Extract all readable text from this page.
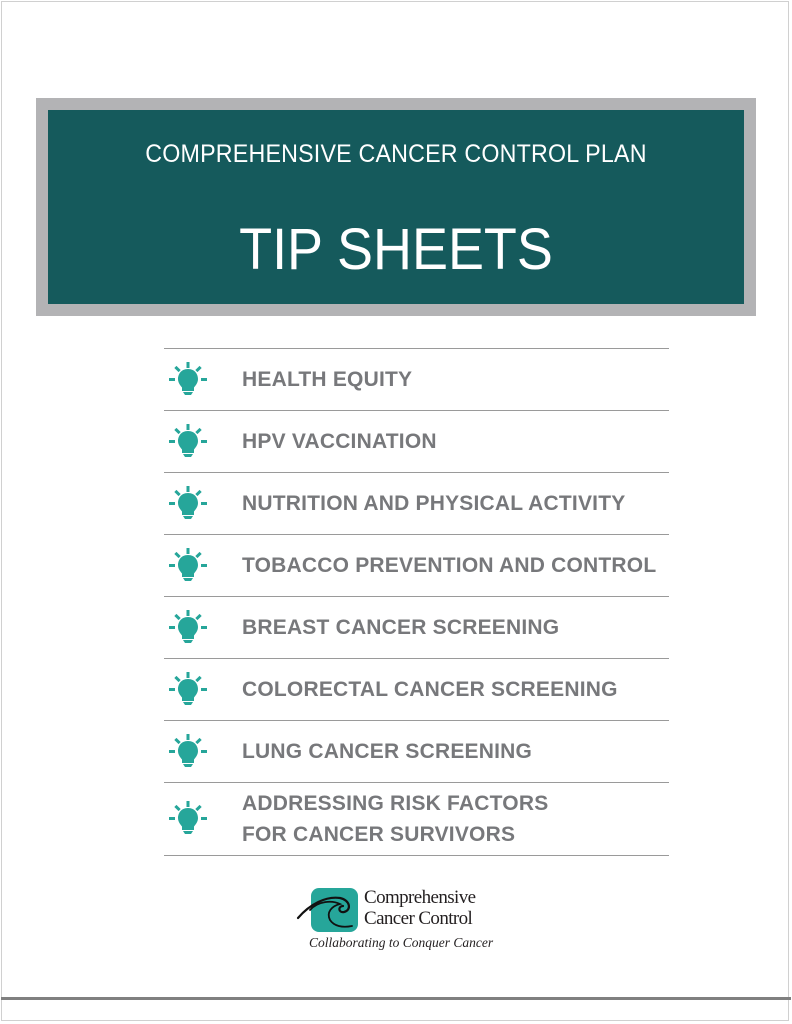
COMPREHENSIVE CANCER CONTROL PLAN
TIP SHEETS
HEALTH EQUITY
HPV VACCINATION
NUTRITION AND PHYSICAL ACTIVITY
TOBACCO PREVENTION AND CONTROL
BREAST CANCER SCREENING
COLORECTAL CANCER SCREENING
LUNG CANCER SCREENING
ADDRESSING RISK FACTORS
FOR CANCER SURVIVORS
Comprehensive
Cancer Control
Collaborating to Conquer Cancer
